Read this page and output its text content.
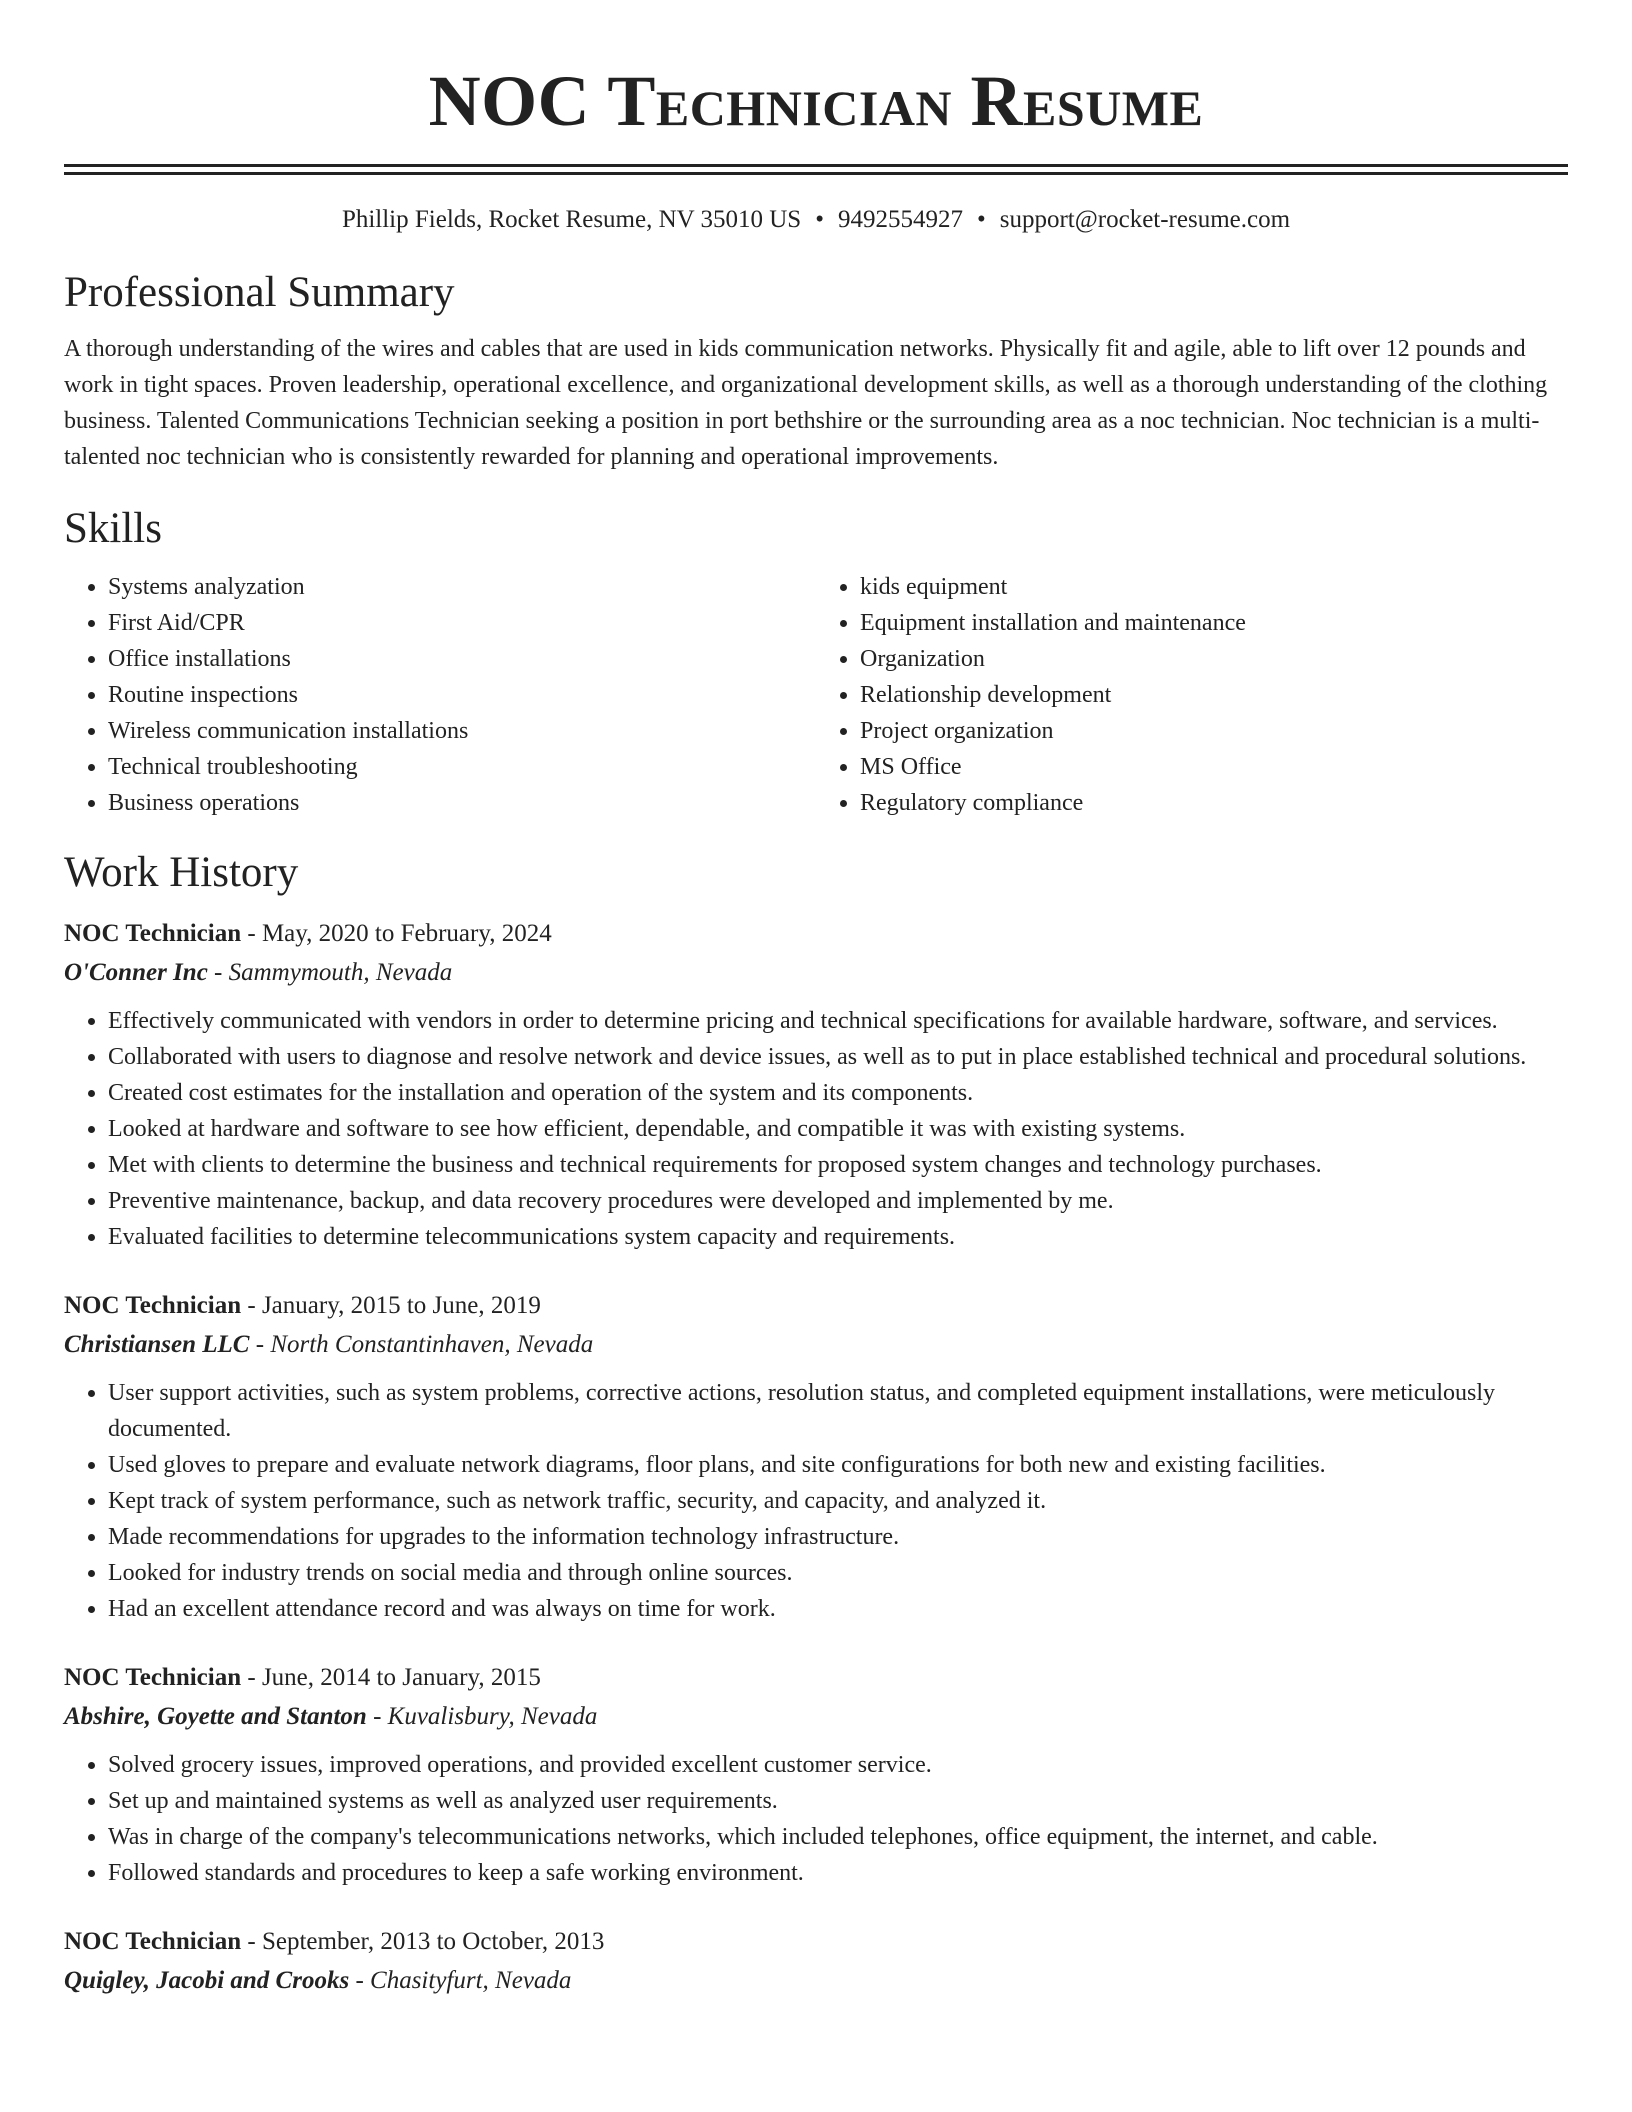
NOC Technician Resume
Phillip Fields, Rocket Resume, NV 35010 US • 9492554927 • support@rocket-resume.com
Professional Summary

A thorough understanding of the wires and cables that are used in kids communication networks. Physically fit and agile, able to lift over 12 pounds and work in tight spaces. Proven leadership, operational excellence, and organizational development skills, as well as a thorough understanding of the clothing business. Talented Communications Technician seeking a position in port bethshire or the surrounding area as a noc technician. Noc technician is a multi-talented noc technician who is consistently rewarded for planning and operational improvements.

Skills
• Systems analyzation
• First Aid/CPR
• Office installations
• Routine inspections
• Wireless communication installations
• Technical troubleshooting
• Business operations
• kids equipment
• Equipment installation and maintenance
• Organization
• Relationship development
• Project organization
• MS Office
• Regulatory compliance
Work History
NOC Technician - May, 2020 to February, 2024
O'Conner Inc - Sammymouth, Nevada
• Effectively communicated with vendors in order to determine pricing and technical specifications for available hardware, software, and services.
• Collaborated with users to diagnose and resolve network and device issues, as well as to put in place established technical and procedural solutions.
• Created cost estimates for the installation and operation of the system and its components.
• Looked at hardware and software to see how efficient, dependable, and compatible it was with existing systems.
• Met with clients to determine the business and technical requirements for proposed system changes and technology purchases.
• Preventive maintenance, backup, and data recovery procedures were developed and implemented by me.
• Evaluated facilities to determine telecommunications system capacity and requirements.
NOC Technician - January, 2015 to June, 2019
Christiansen LLC - North Constantinhaven, Nevada
• User support activities, such as system problems, corrective actions, resolution status, and completed equipment installations, were meticulously documented.
• Used gloves to prepare and evaluate network diagrams, floor plans, and site configurations for both new and existing facilities.
• Kept track of system performance, such as network traffic, security, and capacity, and analyzed it.
• Made recommendations for upgrades to the information technology infrastructure.
• Looked for industry trends on social media and through online sources.
• Had an excellent attendance record and was always on time for work.
NOC Technician - June, 2014 to January, 2015
Abshire, Goyette and Stanton - Kuvalisbury, Nevada
• Solved grocery issues, improved operations, and provided excellent customer service.
• Set up and maintained systems as well as analyzed user requirements.
• Was in charge of the company's telecommunications networks, which included telephones, office equipment, the internet, and cable.
• Followed standards and procedures to keep a safe working environment.
NOC Technician - September, 2013 to October, 2013
Quigley, Jacobi and Crooks - Chasityfurt, Nevada
